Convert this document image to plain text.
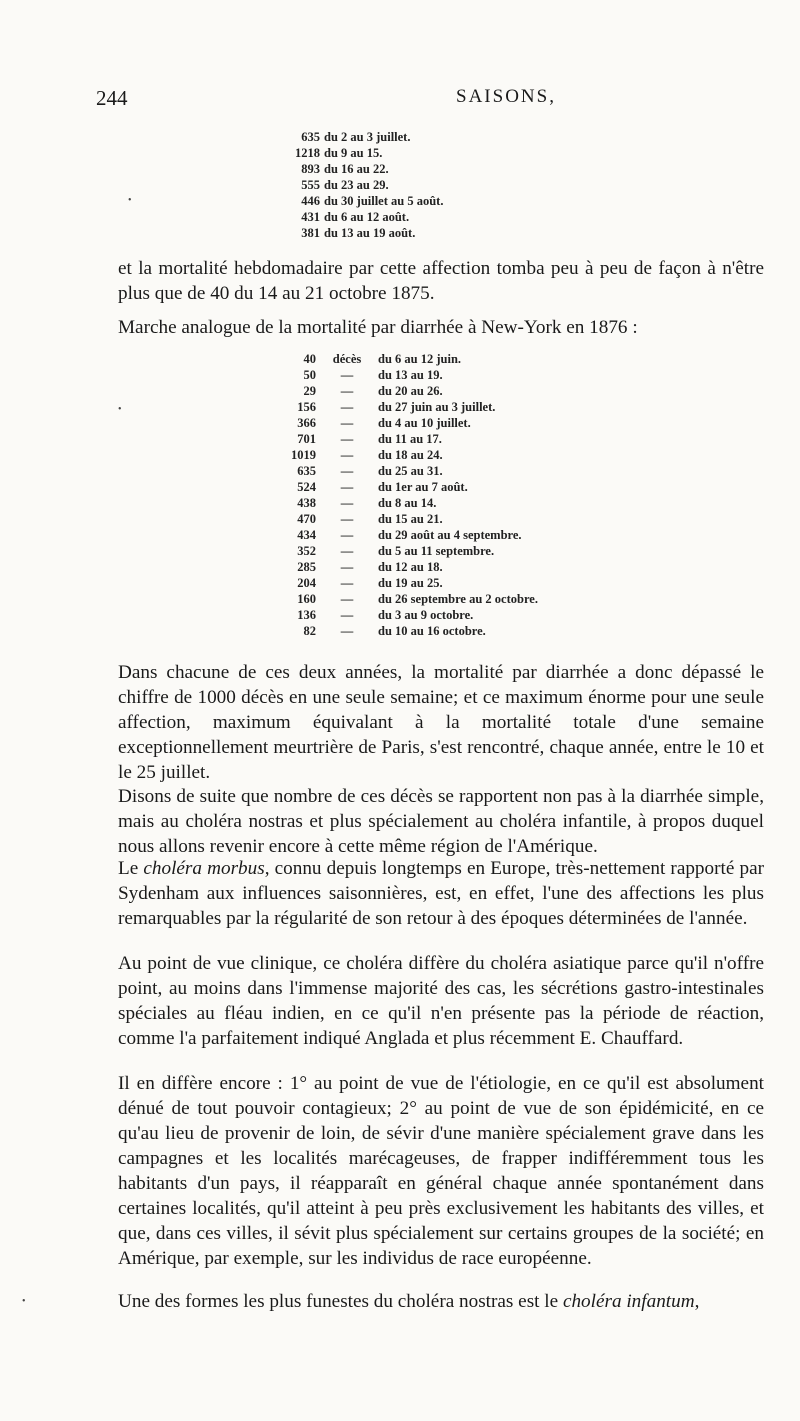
244	SAISONS,
635 du 2 au 3 juillet.
1218 du 9 au 15.
893 du 16 au 22.
555 du 23 au 29.
446 du 30 juillet au 5 août.
431 du 6 au 12 août.
381 du 13 au 19 août.
et la mortalité hebdomadaire par cette affection tomba peu à peu de façon à n'être plus que de 40 du 14 au 21 octobre 1875.
Marche analogue de la mortalité par diarrhée à New-York en 1876 :
40	décès	du 6 au 12 juin.
50	—	du 13 au 19.
29	—	du 20 au 26.
156	—	du 27 juin au 3 juillet.
366	—	du 4 au 10 juillet.
701	—	du 11 au 17.
1019	—	du 18 au 24.
635	—	du 25 au 31.
524	—	du 1er au 7 août.
438	—	du 8 au 14.
470	—	du 15 au 21.
434	—	du 29 août au 4 septembre.
352	—	du 5 au 11 septembre.
285	—	du 12 au 18.
204	—	du 19 au 25.
160	—	du 26 septembre au 2 octobre.
136	—	du 3 au 9 octobre.
82	—	du 10 au 16 octobre.
Dans chacune de ces deux années, la mortalité par diarrhée a donc dépassé le chiffre de 1000 décès en une seule semaine; et ce maximum énorme pour une seule affection, maximum équivalant à la mortalité totale d'une semaine exceptionnellement meurtrière de Paris, s'est rencontré, chaque année, entre le 10 et le 25 juillet.
Disons de suite que nombre de ces décès se rapportent non pas à la diarrhée simple, mais au choléra nostras et plus spécialement au choléra infantile, à propos duquel nous allons revenir encore à cette même région de l'Amérique.
Le choléra morbus, connu depuis longtemps en Europe, très-nettement rapporté par Sydenham aux influences saisonnières, est, en effet, l'une des affections les plus remarquables par la régularité de son retour à des époques déterminées de l'année.
Au point de vue clinique, ce choléra diffère du choléra asiatique parce qu'il n'offre point, au moins dans l'immense majorité des cas, les sécrétions gastro-intestinales spéciales au fléau indien, en ce qu'il n'en présente pas la période de réaction, comme l'a parfaitement indiqué Anglada et plus récemment E. Chauffard.
Il en diffère encore : 1° au point de vue de l'étiologie, en ce qu'il est absolument dénué de tout pouvoir contagieux; 2° au point de vue de son épidémicité, en ce qu'au lieu de provenir de loin, de sévir d'une manière spécialement grave dans les campagnes et les localités marécageuses, de frapper indifféremment tous les habitants d'un pays, il réapparaît en général chaque année spontanément dans certaines localités, qu'il atteint à peu près exclusivement les habitants des villes, et que, dans ces villes, il sévit plus spécialement sur certains groupes de la société; en Amérique, par exemple, sur les individus de race européenne.
Une des formes les plus funestes du choléra nostras est le choléra infantum,
•
•
•
